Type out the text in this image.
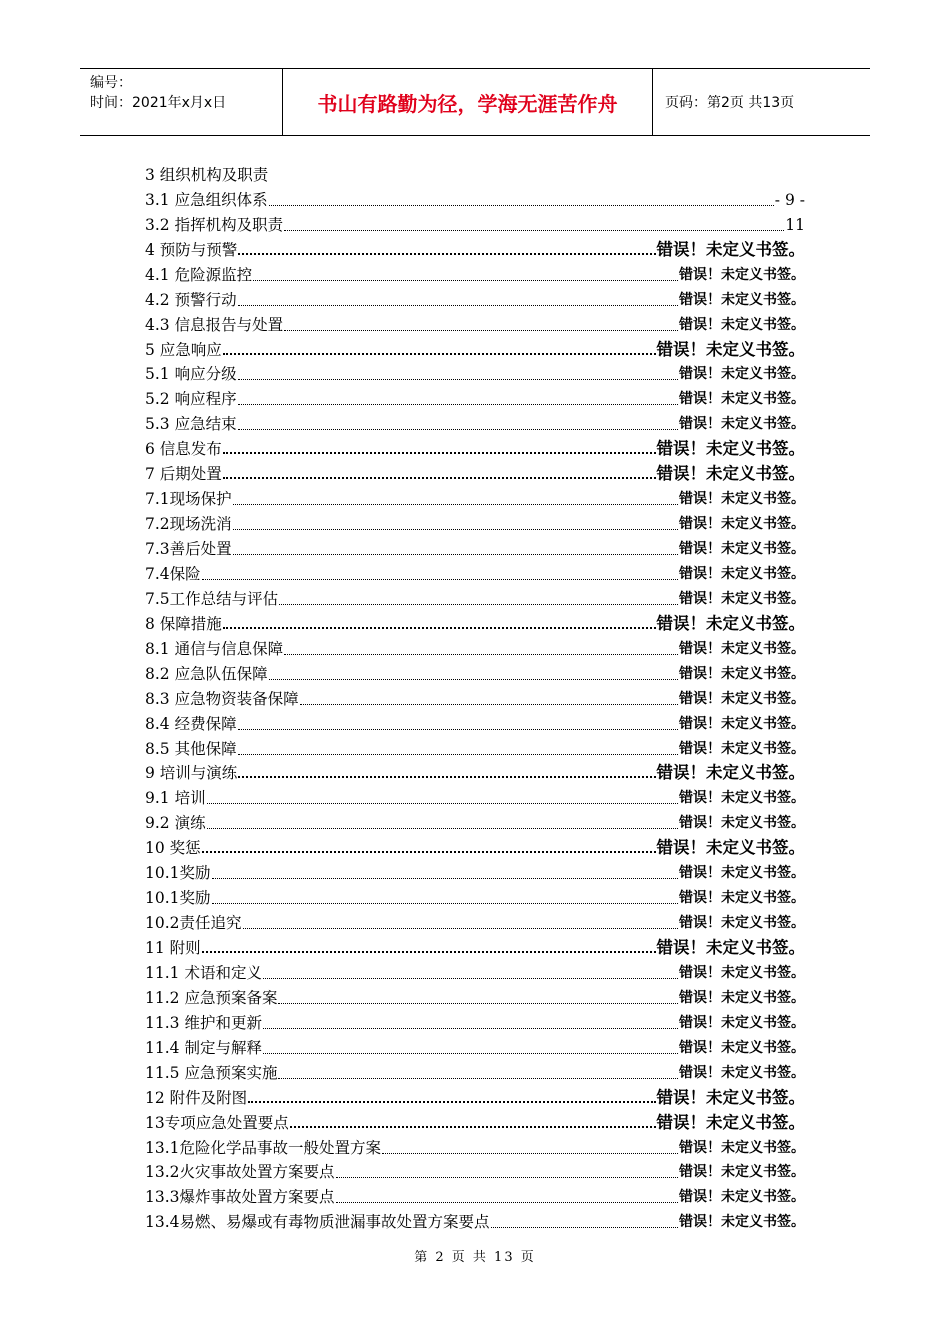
编号：
时间：2021年x月x日	书山有路勤为径，学海无涯苦作舟	页码：第2页 共13页
3 组织机构及职责
3.1 应急组织体系	- 9 -
3.2 指挥机构及职责	11
4 预防与预警	错误！未定义书签。
4.1 危险源监控	错误！未定义书签。
4.2 预警行动	错误！未定义书签。
4.3 信息报告与处置	错误！未定义书签。
5 应急响应	错误！未定义书签。
5.1 响应分级	错误！未定义书签。
5.2 响应程序	错误！未定义书签。
5.3 应急结束	错误！未定义书签。
6 信息发布	错误！未定义书签。
7 后期处置	错误！未定义书签。
7.1现场保护	错误！未定义书签。
7.2现场洗消	错误！未定义书签。
7.3善后处置	错误！未定义书签。
7.4保险	错误！未定义书签。
7.5工作总结与评估	错误！未定义书签。
8 保障措施	错误！未定义书签。
8.1 通信与信息保障	错误！未定义书签。
8.2 应急队伍保障	错误！未定义书签。
8.3 应急物资装备保障	错误！未定义书签。
8.4 经费保障	错误！未定义书签。
8.5 其他保障	错误！未定义书签。
9 培训与演练	错误！未定义书签。
9.1 培训	错误！未定义书签。
9.2 演练	错误！未定义书签。
10 奖惩	错误！未定义书签。
10.1奖励	错误！未定义书签。
10.1奖励	错误！未定义书签。
10.2责任追究	错误！未定义书签。
11 附则	错误！未定义书签。
11.1 术语和定义	错误！未定义书签。
11.2 应急预案备案	错误！未定义书签。
11.3 维护和更新	错误！未定义书签。
11.4 制定与解释	错误！未定义书签。
11.5 应急预案实施	错误！未定义书签。
12 附件及附图	错误！未定义书签。
13专项应急处置要点	错误！未定义书签。
13.1危险化学品事故一般处置方案	错误！未定义书签。
13.2火灾事故处置方案要点	错误！未定义书签。
13.3爆炸事故处置方案要点	错误！未定义书签。
13.4易燃、易爆或有毒物质泄漏事故处置方案要点	错误！未定义书签。
第 2 页 共 13 页
